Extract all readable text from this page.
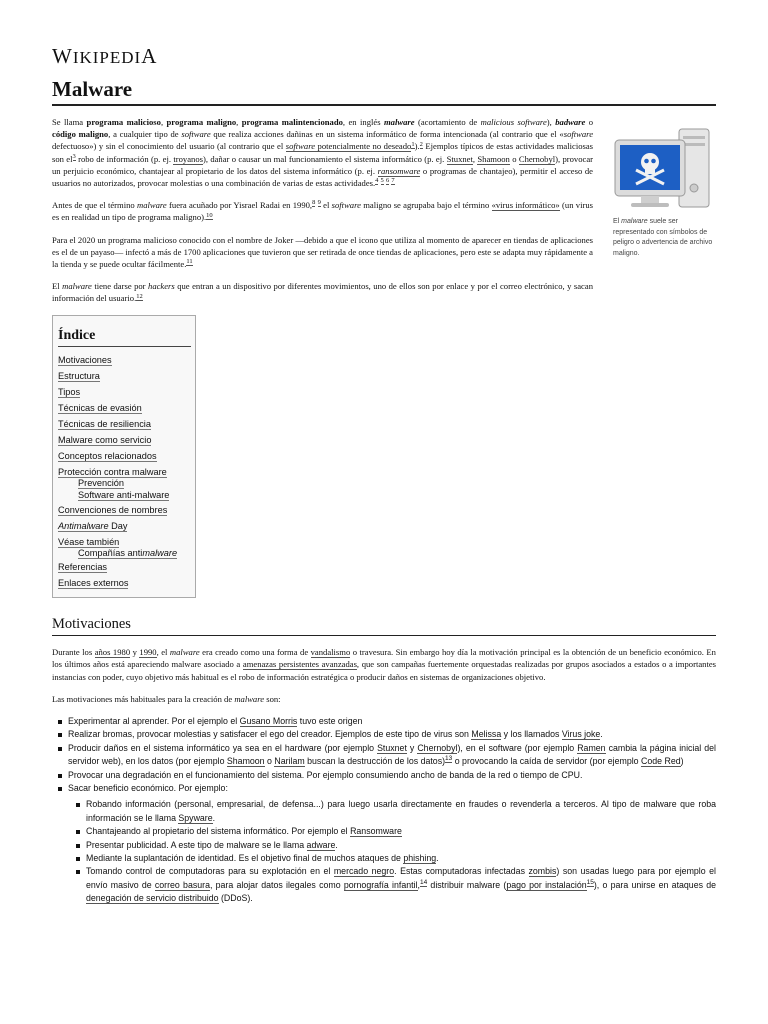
WIKIPEDIA
Malware

Se llama programa malicioso, programa maligno, programa malintencionado, en inglés malware (acortamiento de malicious software), badware o código maligno, a cualquier tipo de software que realiza acciones dañinas en un sistema informático de forma intencionada (al contrario que el «software defectuoso») y sin el conocimiento del usuario (al contrario que el software potencialmente no deseado$^1$).$^2$ Ejemplos típicos de estas actividades maliciosas son $el^3$ robo de información (p. ej. troyanos), dañar o causar un mal funcionamiento el sistema informático (p. ej. Stuxnet, Shamoon o Chernobyl), provocar un perjuicio económico, chantajear al propietario de los datos del sistema informático (p. ej. ransomware o programas de chantajeo), permitir el acceso de usuarios no autorizados, provocar molestias o una combinación de varias de estas actividades.$^4$ $^5$ $^6$ $^7$

Antes de que el término malware fuera acuñado por Yisrael Radai en 1990,$^8$ $^9$ el software maligno se agrupaba bajo el término «virus informático» (un virus es en realidad un tipo de programa maligno).$^{10}$

Para el 2020 un programa malicioso conocido con el nombre de Joker —debido a que el icono que utiliza al momento de aparecer en tiendas de aplicaciones es el de un payaso— infectó a más de 1700 aplicaciones que tuvieron que ser retirada de once tiendas de aplicaciones, pero este se adapta muy rápidamente a la tienda y se puede ocultar fácilmente.$^{11}$

El malware tiene darse por hackers que entran a un dispositivo por diferentes movimientos, uno de ellos son por enlace y por el correo electrónico, y sacan información del usuario.$^{12}$

El malware suele ser representado con símbolos de peligro o advertencia de archivo maligno.
Índice
Motivaciones
Estructura
Tipos
Técnicas de evasión
Técnicas de resiliencia
Malware como servicio
Conceptos relacionados
Protección contra malware
Prevención
Software anti-malware
Convenciones de nombres
Antimalware Day
Véase también
Compañías antimalware
Referencias
Enlaces externos
Motivaciones

Durante los años 1980 y 1990, el malware era creado como una forma de vandalismo o travesura. Sin embargo hoy día la motivación principal es la obtención de un beneficio económico. En los últimos años está apareciendo malware asociado a amenazas persistentes avanzadas, que son campañas fuertemente orquestadas realizadas por grupos asociados a estados o a importantes instancias con poder, cuyo objetivo más habitual es el robo de información estratégica o producir daños en sistemas de organizaciones objetivo.

Las motivaciones más habituales para la creación de malware son:

Experimentar al aprender. Por el ejemplo el Gusano Morris tuvo este origen
Realizar bromas, provocar molestias y satisfacer el ego del creador. Ejemplos de este tipo de virus son Melissa y los llamados Virus joke.
Producir daños en el sistema informático ya sea en el hardware (por ejemplo Stuxnet y Chernobyl), en el software (por ejemplo Ramen cambia la página inicial del servidor web), en los datos (por ejemplo Shamoon o Narilam buscan la destrucción de los datos)$^{13}$ o provocando la caída de servidor (por ejemplo Code Red)
Provocar una degradación en el funcionamiento del sistema. Por ejemplo consumiendo ancho de banda de la red o tiempo de CPU.
Sacar beneficio económico. Por ejemplo:
Robando información (personal, empresarial, de defensa...) para luego usarla directamente en fraudes o revenderla a terceros. Al tipo de malware que roba información se le llama Spyware.
Chantajeando al propietario del sistema informático. Por ejemplo el Ransomware
Presentar publicidad. A este tipo de malware se le llama adware.
Mediante la suplantación de identidad. Es el objetivo final de muchos ataques de phishing.
Tomando control de computadoras para su explotación en el mercado negro. Estas computadoras infectadas zombis) son usadas luego para por ejemplo el envío masivo de correo basura, para alojar datos ilegales como pornografía infantil,$^{14}$ distribuir malware (pago por instalación$^{15}$), o para unirse en ataques de denegación de servicio distribuido (DDoS).
